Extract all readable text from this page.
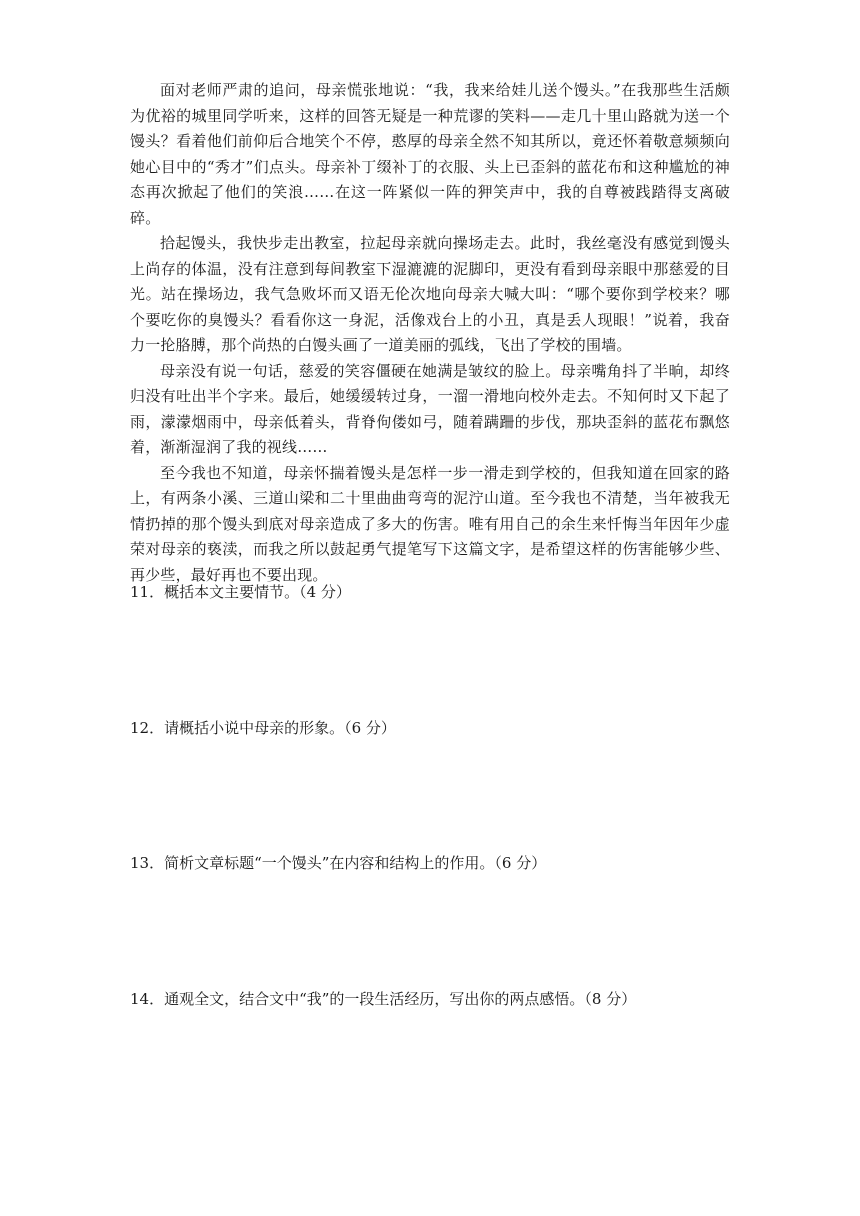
面对老师严肃的追问，母亲慌张地说：“我，我来给娃儿送个馒头。”在我那些生活颇为优裕的城里同学听来，这样的回答无疑是一种荒谬的笑料——走几十里山路就为送一个馒头？看着他们前仰后合地笑个不停，憨厚的母亲全然不知其所以，竟还怀着敬意频频向她心目中的“秀才”们点头。母亲补丁缀补丁的衣服、头上已歪斜的蓝花布和这种尴尬的神态再次掀起了他们的笑浪……在这一阵紧似一阵的狎笑声中，我的自尊被践踏得支离破碎。

拾起馒头，我快步走出教室，拉起母亲就向操场走去。此时，我丝毫没有感觉到馒头上尚存的体温，没有注意到每间教室下湿漉漉的泥脚印，更没有看到母亲眼中那慈爱的目光。站在操场边，我气急败坏而又语无伦次地向母亲大喊大叫：“哪个要你到学校来？哪个要吃你的臭馒头？看看你这一身泥，活像戏台上的小丑，真是丢人现眼！”说着，我奋力一抡胳膊，那个尚热的白馒头画了一道美丽的弧线，飞出了学校的围墙。

母亲没有说一句话，慈爱的笑容僵硬在她满是皱纹的脸上。母亲嘴角抖了半晌，却终归没有吐出半个字来。最后，她缓缓转过身，一溜一滑地向校外走去。不知何时又下起了雨，濛濛烟雨中，母亲低着头，背脊佝偻如弓，随着蹒跚的步伐，那块歪斜的蓝花布飘悠着，渐渐湿润了我的视线……

至今我也不知道，母亲怀揣着馒头是怎样一步一滑走到学校的，但我知道在回家的路上，有两条小溪、三道山梁和二十里曲曲弯弯的泥泞山道。至今我也不清楚，当年被我无情扔掉的那个馒头到底对母亲造成了多大的伤害。唯有用自己的余生来忏悔当年因年少虚荣对母亲的亵渎，而我之所以鼓起勇气提笔写下这篇文字，是希望这样的伤害能够少些、再少些，最好再也不要出现。

11．概括本文主要情节。（4 分）

12．请概括小说中母亲的形象。（6 分）

13．简析文章标题“一个馒头”在内容和结构上的作用。（6 分）

14．通观全文，结合文中“我”的一段生活经历，写出你的两点感悟。（8 分）
